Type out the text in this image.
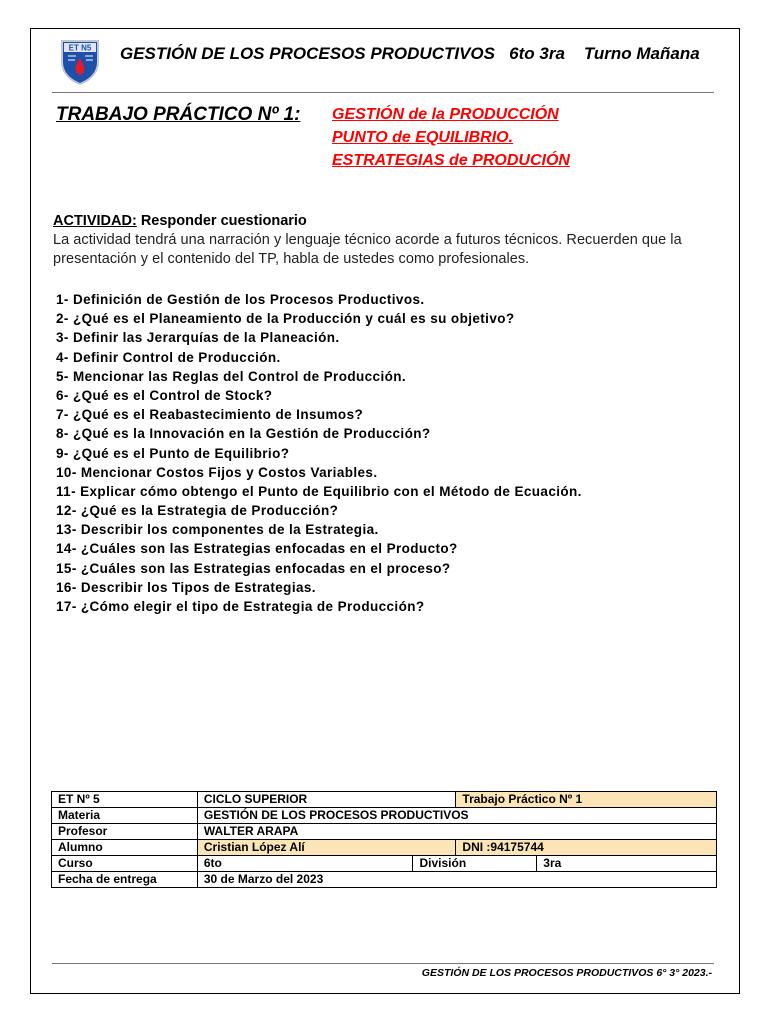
ET N5 GESTIÓN DE LOS PROCESOS PRODUCTIVOS 6to 3ra Turno Mañana
TRABAJO PRÁCTICO Nº 1: GESTIÓN de la PRODUCCIÓN
PUNTO de EQUILIBRIO.
ESTRATEGIAS de PRODUCIÓN
ACTIVIDAD: Responder cuestionario
La actividad tendrá una narración y lenguaje técnico acorde a futuros técnicos. Recuerden que la presentación y el contenido del TP, habla de ustedes como profesionales.
1- Definición de Gestión de los Procesos Productivos.
2- ¿Qué es el Planeamiento de la Producción y cuál es su objetivo?
3- Definir las Jerarquías de la Planeación.
4- Definir Control de Producción.
5- Mencionar las Reglas del Control de Producción.
6- ¿Qué es el Control de Stock?
7- ¿Qué es el Reabastecimiento de Insumos?
8- ¿Qué es la Innovación en la Gestión de Producción?
9- ¿Qué es el Punto de Equilibrio?
10- Mencionar Costos Fijos y Costos Variables.
11- Explicar cómo obtengo el Punto de Equilibrio con el Método de Ecuación.
12- ¿Qué es la Estrategia de Producción?
13- Describir los componentes de la Estrategia.
14- ¿Cuáles son las Estrategias enfocadas en el Producto?
15- ¿Cuáles son las Estrategias enfocadas en el proceso?
16- Describir los Tipos de Estrategias.
17- ¿Cómo elegir el tipo de Estrategia de Producción?
ET Nº 5	CICLO SUPERIOR		Trabajo Práctico Nº 1	
Materia	GESTIÓN DE LOS PROCESOS PRODUCTIVOS			
Profesor	WALTER ARAPA			
Alumno	Cristian López Alí		DNI :94175744	
Curso	6to	División		3ra
Fecha de entrega	30 de Marzo del 2023			
GESTIÓN DE LOS PROCESOS PRODUCTIVOS 6° 3° 2023.-
